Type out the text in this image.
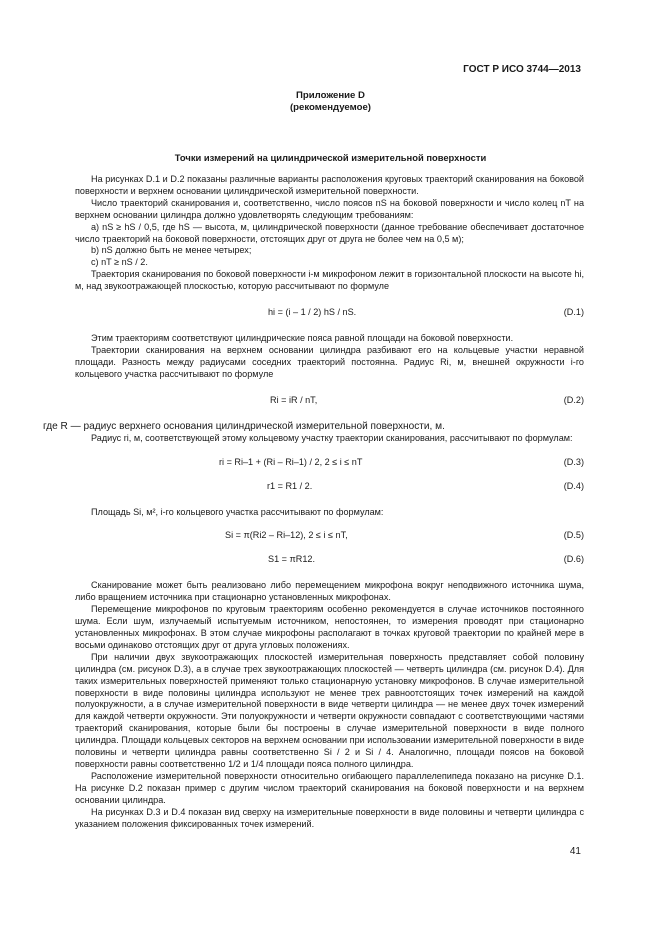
ГОСТ Р ИСО 3744—2013
Приложение D
(рекомендуемое)
Точки измерений на цилиндрической измерительной поверхности

На рисунках D.1 и D.2 показаны различные варианты расположения круговых траекторий сканирования на боковой поверхности и верхнем основании цилиндрической измерительной поверхности.

Число траекторий сканирования и, соответственно, число поясов nS на боковой поверхности и число колец nT на верхнем основании цилиндра должно удовлетворять следующим требованиям:

а) nS ≥ hS / 0,5, где hS — высота, м, цилиндрической поверхности (данное требование обеспечивает достаточное число траекторий на боковой поверхности, отстоящих друг от друга не более чем на 0,5 м);

b) nS должно быть не менее четырех;

c) nT ≥ nS / 2.

Траектория сканирования по боковой поверхности i-м микрофоном лежит в горизонтальной плоскости на высоте hi, м, над звукоотражающей плоскостью, которую рассчитывают по формуле

hi = (i – 1 / 2) hS / nS.	(D.1)

Этим траекториям соответствуют цилиндрические пояса равной площади на боковой поверхности.

Траектории сканирования на верхнем основании цилиндра разбивают его на кольцевые участки неравной площади. Разность между радиусами соседних траекторий постоянна. Радиус Ri, м, внешней окружности i-го кольцевого участка рассчитывают по формуле

Ri = iR / nT,	(D.2)

где R — радиус верхнего основания цилиндрической измерительной поверхности, м.

Радиус ri, м, соответствующей этому кольцевому участку траектории сканирования, рассчитывают по формулам:

ri = Ri–1 + (Ri – Ri–1) / 2, 2 ≤ i ≤ nT	(D.3)
r1 = R1 / 2.	(D.4)

Площадь Si, м², i-го кольцевого участка рассчитывают по формулам:

Si = π(Ri2 – Ri–12), 2 ≤ i ≤ nT,	(D.5)
S1 = πR12.	(D.6)

Сканирование может быть реализовано либо перемещением микрофона вокруг неподвижного источника шума, либо вращением источника при стационарно установленных микрофонах.

Перемещение микрофонов по круговым траекториям особенно рекомендуется в случае источников постоянного шума. Если шум, излучаемый испытуемым источником, непостоянен, то измерения проводят при стационарно установленных микрофонах. В этом случае микрофоны располагают в точках круговой траектории по крайней мере в восьми одинаково отстоящих друг от друга угловых положениях.

При наличии двух звукоотражающих плоскостей измерительная поверхность представляет собой половину цилиндра (см. рисунок D.3), а в случае трех звукоотражающих плоскостей — четверть цилиндра (см. рисунок D.4). Для таких измерительных поверхностей применяют только стационарную установку микрофонов. В случае измерительной поверхности в виде половины цилиндра используют не менее трех равноотстоящих точек измерений на каждой полуокружности, а в случае измерительной поверхности в виде четверти цилиндра — не менее двух точек измерений для каждой четверти окружности. Эти полуокружности и четверти окружности совпадают с соответствующими частями траекторий сканирования, которые были бы построены в случае измерительной поверхности в виде полного цилиндра. Площади кольцевых секторов на верхнем основании при использовании измерительной поверхности в виде половины и четверти цилиндра равны соответственно Si / 2 и Si / 4. Аналогично, площади поясов на боковой поверхности равны соответственно 1/2 и 1/4 площади пояса полного цилиндра.

Расположение измерительной поверхности относительно огибающего параллелепипеда показано на рисунке D.1. На рисунке D.2 показан пример с другим числом траекторий сканирования на боковой поверхности и на верхнем основании цилиндра.

На рисунках D.3 и D.4 показан вид сверху на измерительные поверхности в виде половины и четверти цилиндра с указанием положения фиксированных точек измерений.

41
